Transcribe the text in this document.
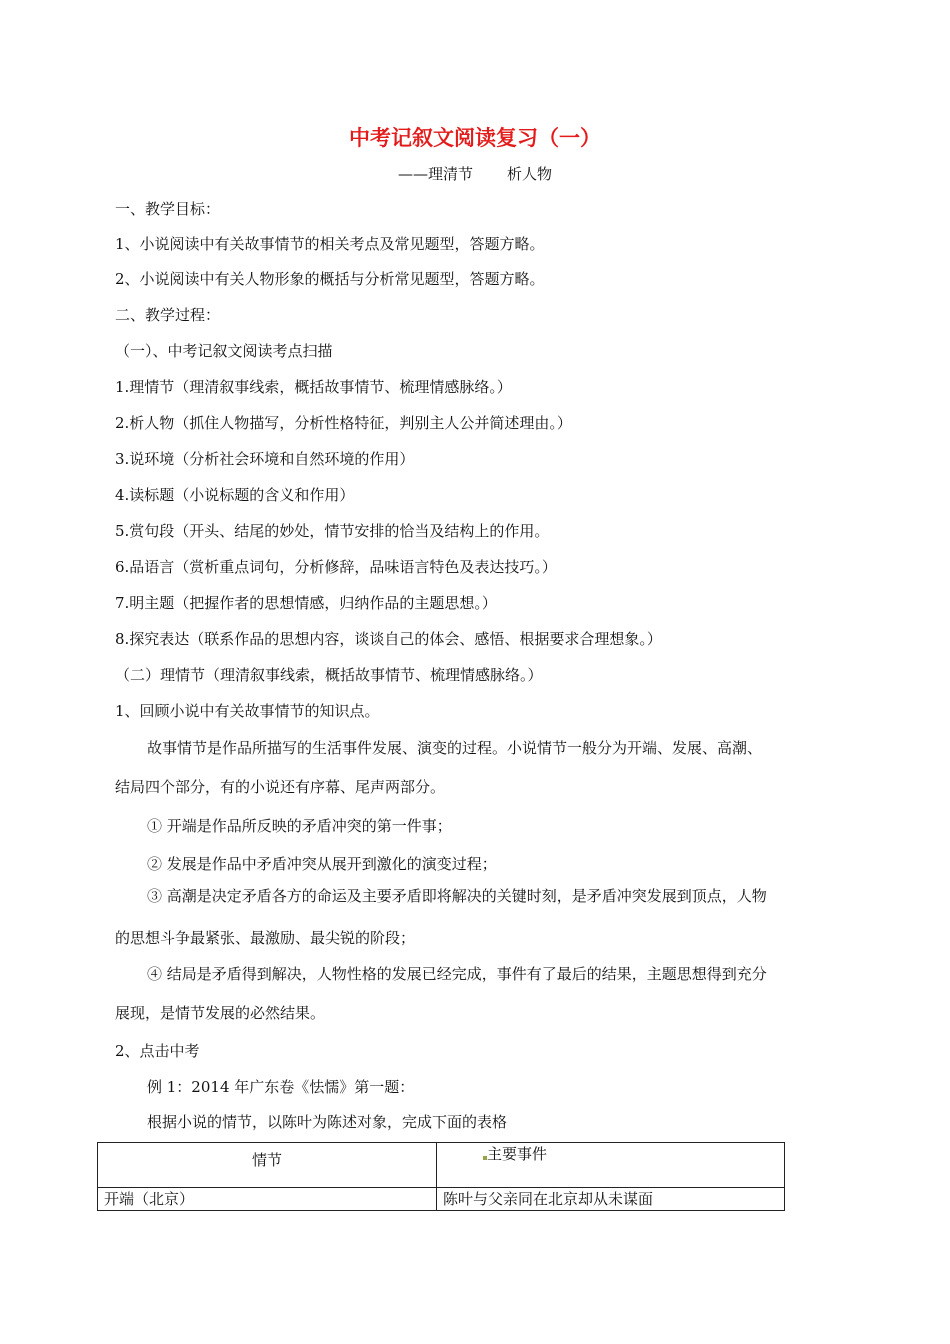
中考记叙文阅读复习（一）
——理清节 析人物
一、教学目标：
1、小说阅读中有关故事情节的相关考点及常见题型，答题方略。
2、小说阅读中有关人物形象的概括与分析常见题型，答题方略。
二、教学过程：
（一）、中考记叙文阅读考点扫描
1.理情节（理清叙事线索，概括故事情节、梳理情感脉络。）
2.析人物（抓住人物描写，分析性格特征，判别主人公并简述理由。）
3.说环境（分析社会环境和自然环境的作用）
4.读标题（小说标题的含义和作用）
5.赏句段（开头、结尾的妙处，情节安排的恰当及结构上的作用。
6.品语言（赏析重点词句，分析修辞，品味语言特色及表达技巧。）
7.明主题（把握作者的思想情感，归纳作品的主题思想。）
8.探究表达（联系作品的思想内容，谈谈自己的体会、感悟、根据要求合理想象。）
（二）理情节（理清叙事线索，概括故事情节、梳理情感脉络。）
1、回顾小说中有关故事情节的知识点。
故事情节是作品所描写的生活事件发展、演变的过程。小说情节一般分为开端、发展、高潮、
结局四个部分，有的小说还有序幕、尾声两部分。
① 开端是作品所反映的矛盾冲突的第一件事；
② 发展是作品中矛盾冲突从展开到激化的演变过程；
③ 高潮是决定矛盾各方的命运及主要矛盾即将解决的关键时刻，是矛盾冲突发展到顶点，人物
的思想斗争最紧张、最激励、最尖锐的阶段；
④ 结局是矛盾得到解决，人物性格的发展已经完成，事件有了最后的结果，主题思想得到充分
展现，是情节发展的必然结果。
2、点击中考
例 1：2014 年广东卷《怯懦》第一题：
根据小说的情节，以陈叶为陈述对象，完成下面的表格
情节	主要事件
开端（北京）	陈叶与父亲同在北京却从未谋面
